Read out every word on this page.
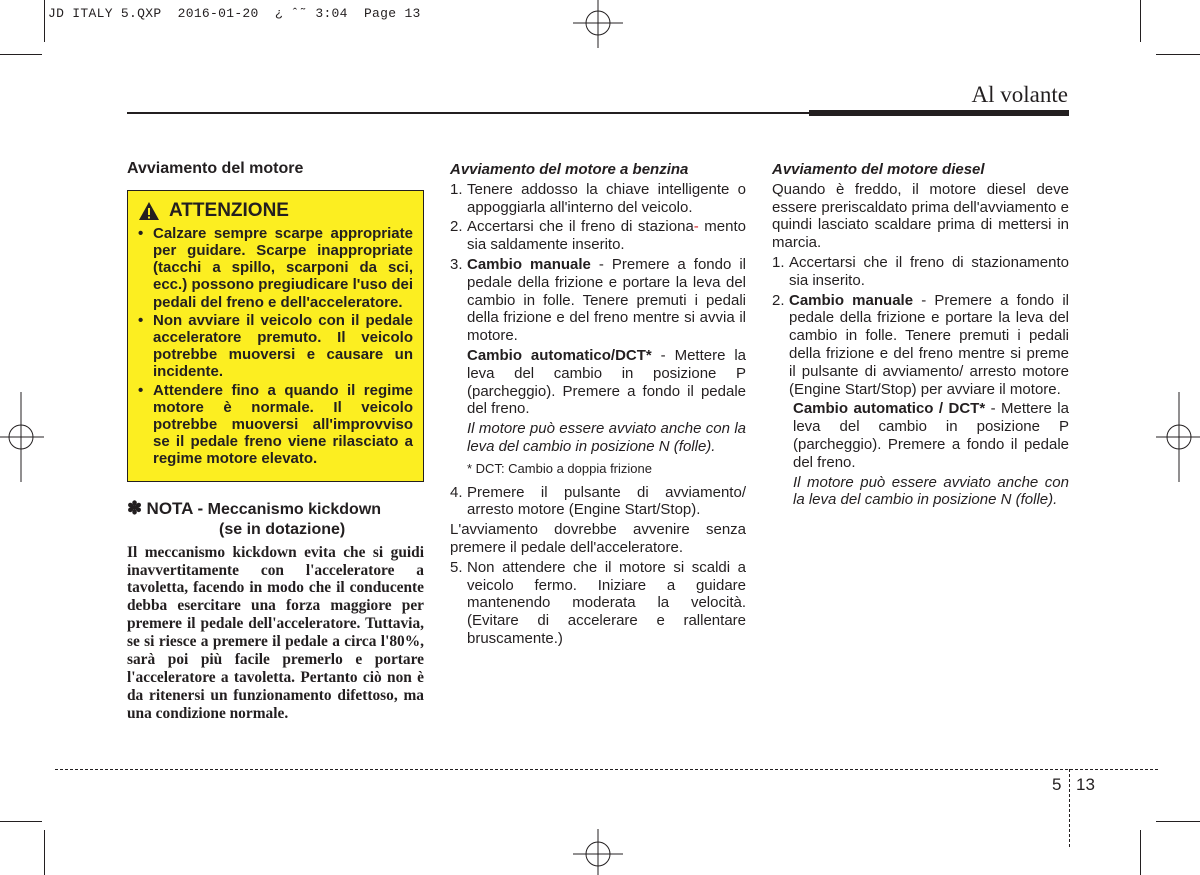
JD ITALY 5.QXP  2016-01-20  ¿ ˆ˜ 3:04  Page 13
Al volante
Avviamento del motore
ATTENZIONE
• Calzare sempre scarpe appropriate per guidare. Scarpe inappropriate (tacchi a spillo, scarponi da sci, ecc.) possono pregiudicare l'uso dei pedali del freno e dell'acceleratore.
• Non avviare il veicolo con il pedale acceleratore premuto. Il veicolo potrebbe muoversi e causare un incidente.
• Attendere fino a quando il regime motore è normale. Il veicolo potrebbe muoversi all'improvviso se il pedale freno viene rilasciato a regime motore elevato.
✽ NOTA - Meccanismo kickdown
(se in dotazione)

Il meccanismo kickdown evita che si guidi inavvertitamente con l'acceleratore a tavoletta, facendo in modo che il conducente debba esercitare una forza maggiore per premere il pedale dell'acceleratore. Tuttavia, se si riesce a premere il pedale a circa l'80%, sarà poi più facile premerlo e portare l'acceleratore a tavoletta. Pertanto ciò non è da ritenersi un funzionamento difettoso, ma una condizione normale.

Avviamento del motore a benzina
1. Tenere addosso la chiave intelligente o appoggiarla all'interno del veicolo.
2. Accertarsi che il freno di staziona- mento sia saldamente inserito.
3. Cambio manuale - Premere a fondo il pedale della frizione e portare la leva del cambio in folle. Tenere premuti i pedali della frizione e del freno mentre si avvia il motore.

Cambio automatico/DCT* - Mettere la leva del cambio in posizione P (parcheggio). Premere a fondo il pedale del freno.

Il motore può essere avviato anche con la leva del cambio in posizione N (folle).

* DCT: Cambio a doppia frizione

4. Premere il pulsante di avviamento/ arresto motore (Engine Start/Stop).

L'avviamento dovrebbe avvenire senza premere il pedale dell'acceleratore.

5. Non attendere che il motore si scaldi a veicolo fermo. Iniziare a guidare mantenendo moderata la velocità. (Evitare di accelerare e rallentare bruscamente.)
Avviamento del motore diesel

Quando è freddo, il motore diesel deve essere preriscaldato prima dell'avviamento e quindi lasciato scaldare prima di mettersi in marcia.

1. Accertarsi che il freno di stazionamento sia inserito.
2. Cambio manuale - Premere a fondo il pedale della frizione e portare la leva del cambio in folle. Tenere premuti i pedali della frizione e del freno mentre si preme il pulsante di avviamento/ arresto motore (Engine Start/Stop) per avviare il motore.

Cambio automatico / DCT* - Mettere la leva del cambio in posizione P (parcheggio). Premere a fondo il pedale del freno.

Il motore può essere avviato anche con la leva del cambio in posizione N (folle).

5 13
